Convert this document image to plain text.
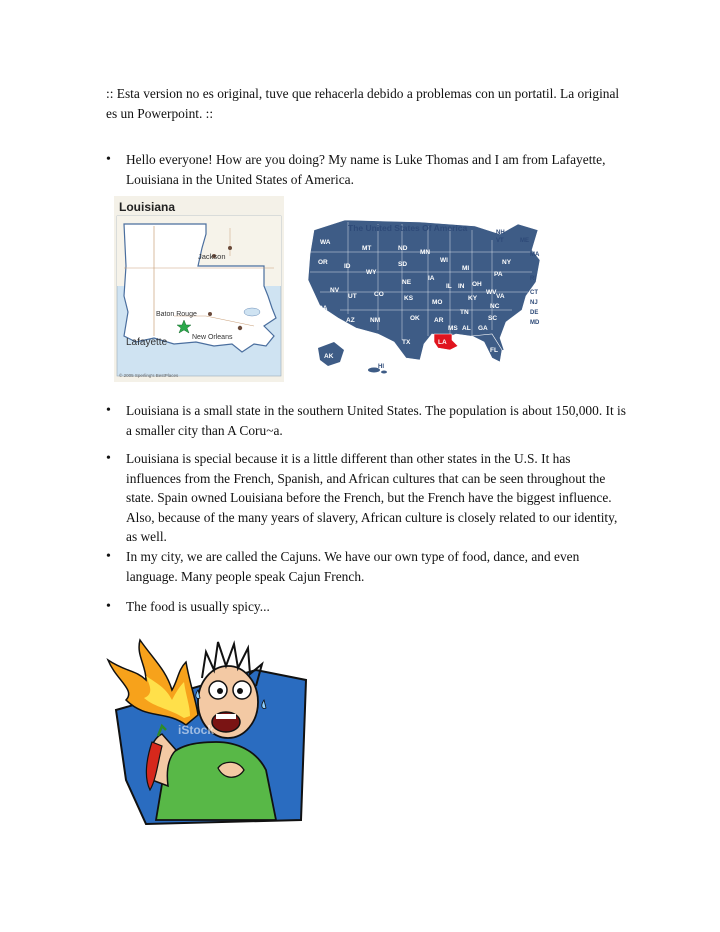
:: Esta version no es original, tuve que rehacerla debido a problemas con un portatil. La original es un Powerpoint. ::
•	Hello everyone! How are you doing? My name is Luke Thomas and I am from Lafayette, Louisiana in the United States of America.
Louisiana
Jackson
Baton Rouge
New Orleans
Lafayette
© 2005 Sperling's BestPlaces
The United States Of America
WA
MT	ND
MN
WI
MI
NY
OR
ID	SD
WY
IA
NE
IL IN OH
PA
NV
UT	CO
KS
MO
KY
WV
VA
CA
AZ NM	OK AR
TN
NC
SC
MS AL GA
TX	LA
FL
AK
HI
NH
VT	ME
MA
RI
CT
NJ
DE
MD
•	Louisiana is a small state in the southern United States. The population is about 150,000. It is a smaller city than A Coru~a.
•	Louisiana is special because it is a little different than other states in the U.S. It has influences from the French, Spanish, and African cultures that can be seen throughout the state. Spain owned Louisiana before the French, but the French have the biggest influence. Also, because of the many years of slavery, African culture is closely related to our identity, as well.
•	In my city, we are called the Cajuns. We have our own type of food, dance, and even language. Many people speak Cajun French.
•	The food is usually spicy...
iStock
